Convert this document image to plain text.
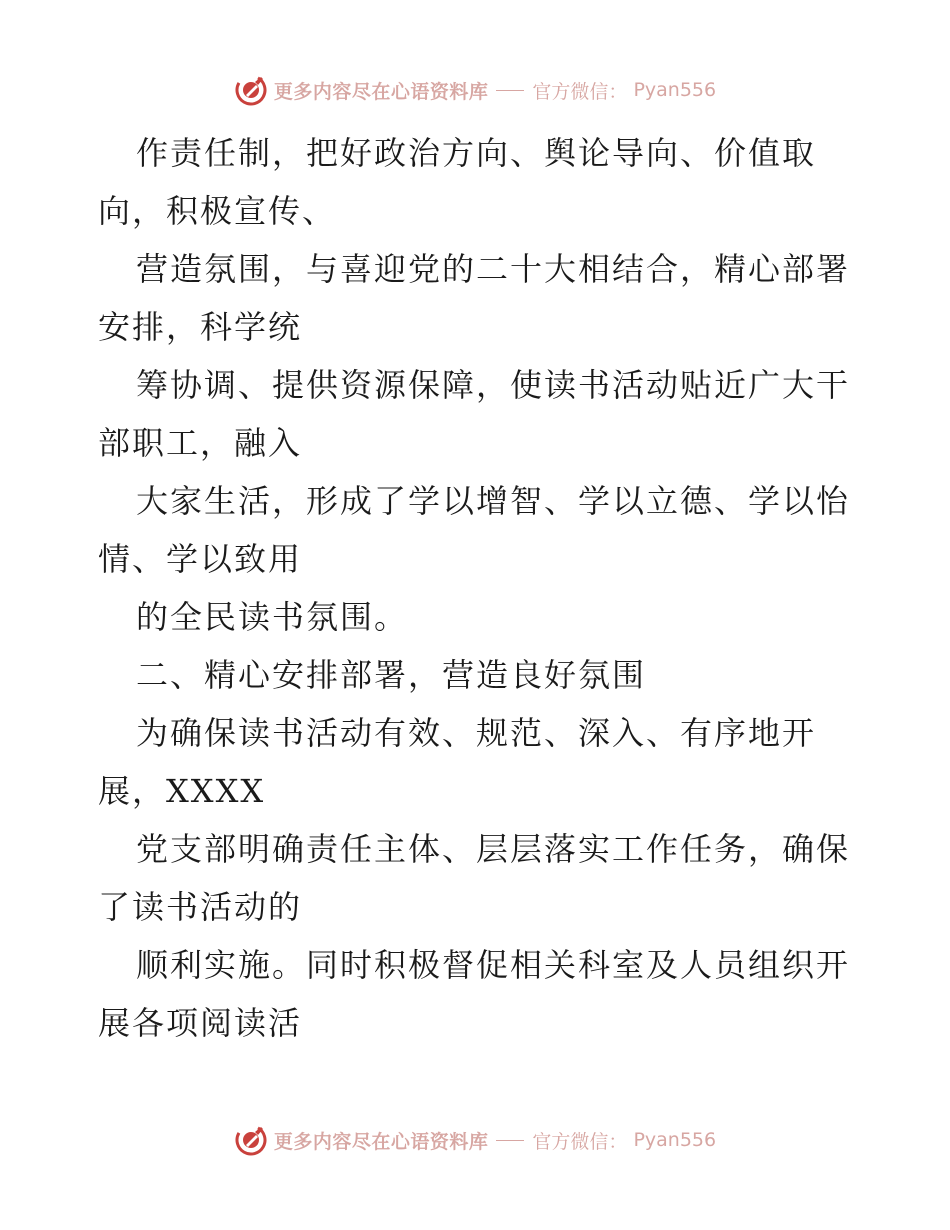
更多内容尽在心语资料库 官方微信： Pyan556
作责任制，把好政治方向、舆论导向、价值取
向，积极宣传、
营造氛围，与喜迎党的二十大相结合，精心部署
安排，科学统
筹协调、提供资源保障，使读书活动贴近广大干
部职工，融入
大家生活，形成了学以增智、学以立德、学以怡
情、学以致用
的全民读书氛围。
二、精心安排部署，营造良好氛围
为确保读书活动有效、规范、深入、有序地开
展，XXXX
党支部明确责任主体、层层落实工作任务，确保
了读书活动的
顺利实施。同时积极督促相关科室及人员组织开
展各项阅读活
更多内容尽在心语资料库 官方微信： Pyan556
